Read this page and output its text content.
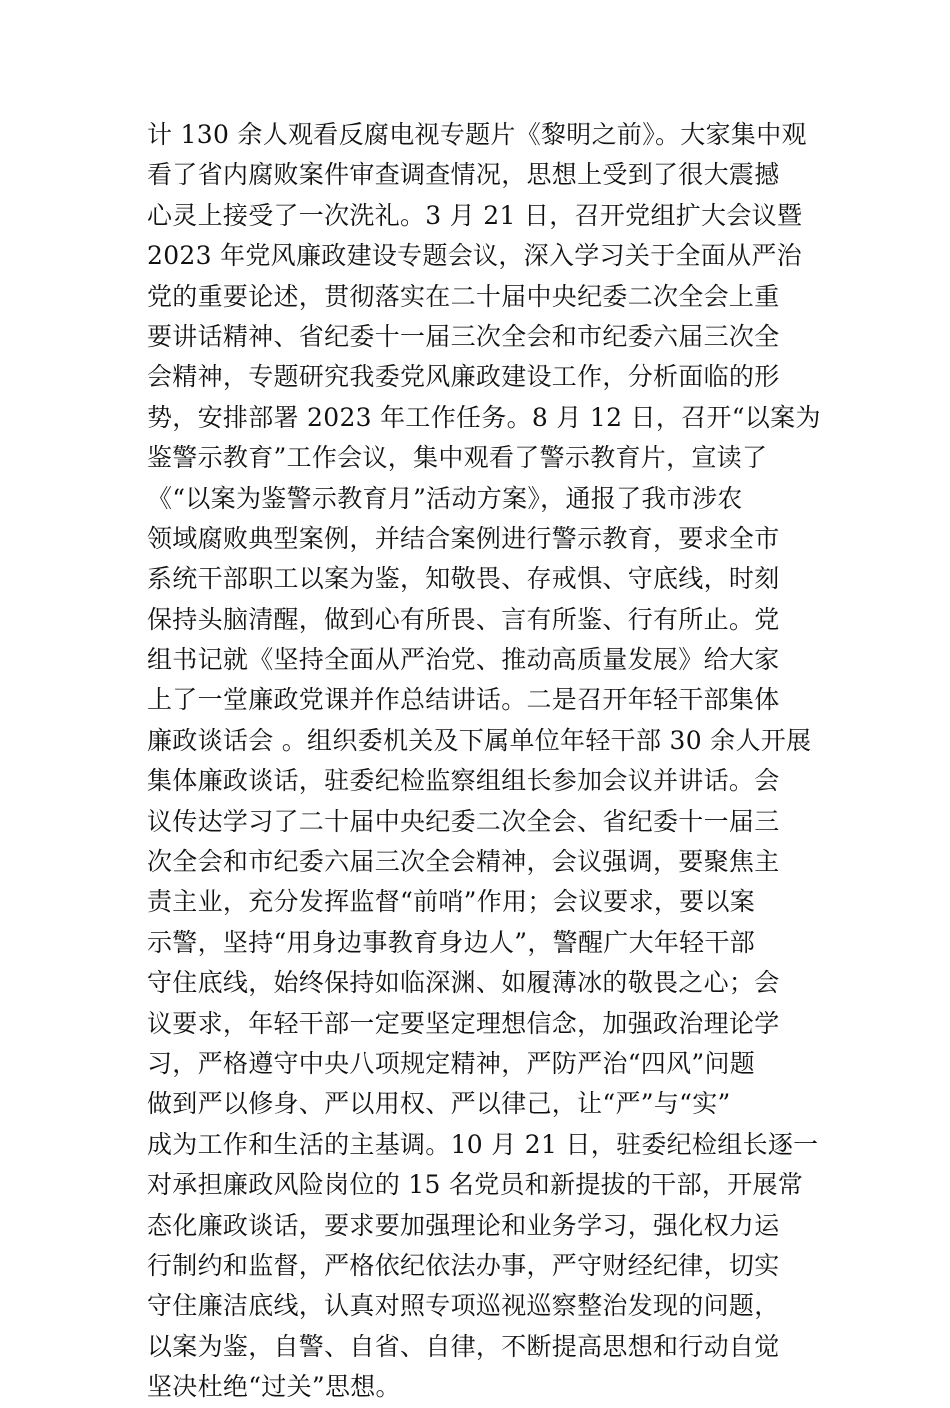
计 130 余人观看反腐电视专题片《黎明之前》。大家集中观
看了省内腐败案件审查调查情况，思想上受到了很大震撼
心灵上接受了一次洗礼。3 月 21 日，召开党组扩大会议暨
2023 年党风廉政建设专题会议，深入学习关于全面从严治
党的重要论述，贯彻落实在二十届中央纪委二次全会上重
要讲话精神、省纪委十一届三次全会和市纪委六届三次全
会精神，专题研究我委党风廉政建设工作，分析面临的形
势，安排部署 2023 年工作任务。8 月 12 日，召开“以案为
鉴警示教育”工作会议，集中观看了警示教育片，宣读了
《“以案为鉴警示教育月”活动方案》，通报了我市涉农
领域腐败典型案例，并结合案例进行警示教育，要求全市
系统干部职工以案为鉴，知敬畏、存戒惧、守底线，时刻
保持头脑清醒，做到心有所畏、言有所鉴、行有所止。党
组书记就《坚持全面从严治党、推动高质量发展》给大家
上了一堂廉政党课并作总结讲话。二是召开年轻干部集体
廉政谈话会 。组织委机关及下属单位年轻干部 30 余人开展
集体廉政谈话，驻委纪检监察组组长参加会议并讲话。会
议传达学习了二十届中央纪委二次全会、省纪委十一届三
次全会和市纪委六届三次全会精神，会议强调，要聚焦主
责主业，充分发挥监督“前哨”作用；会议要求，要以案
示警，坚持“用身边事教育身边人”，警醒广大年轻干部
守住底线，始终保持如临深渊、如履薄冰的敬畏之心；会
议要求，年轻干部一定要坚定理想信念，加强政治理论学
习，严格遵守中央八项规定精神，严防严治“四风”问题
做到严以修身、严以用权、严以律己，让“严”与“实”
成为工作和生活的主基调。10 月 21 日，驻委纪检组长逐一
对承担廉政风险岗位的 15 名党员和新提拔的干部，开展常
态化廉政谈话，要求要加强理论和业务学习，强化权力运
行制约和监督，严格依纪依法办事，严守财经纪律，切实
守住廉洁底线，认真对照专项巡视巡察整治发现的问题，
以案为鉴，自警、自省、自律，不断提高思想和行动自觉
坚决杜绝“过关”思想。
